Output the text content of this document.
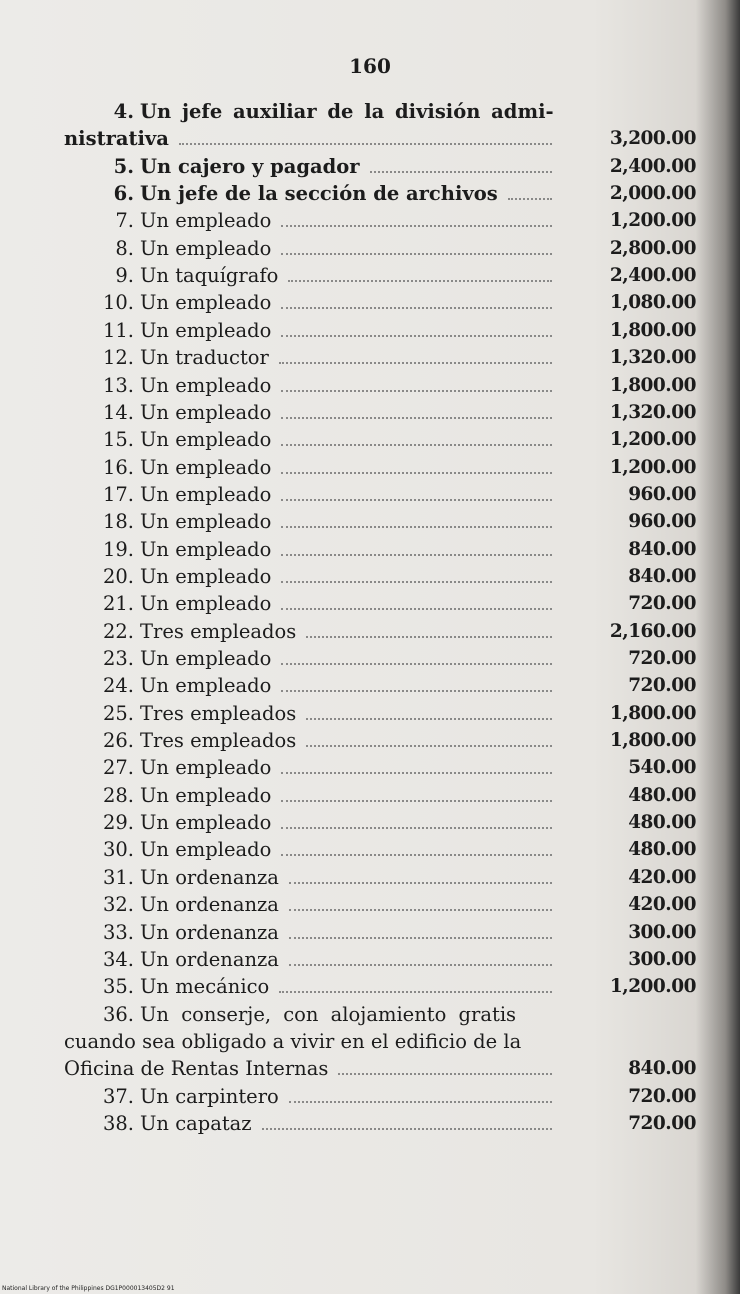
160
4. Un jefe auxiliar de la división admi-
nistrativa	3,200.00
5. Un cajero y pagador	2,400.00
6. Un jefe de la sección de archivos	2,000.00
7. Un empleado	1,200.00
8. Un empleado	2,800.00
9. Un taquígrafo	2,400.00
10. Un empleado	1,080.00
11. Un empleado	1,800.00
12. Un traductor	1,320.00
13. Un empleado	1,800.00
14. Un empleado	1,320.00
15. Un empleado	1,200.00
16. Un empleado	1,200.00
17. Un empleado	960.00
18. Un empleado	960.00
19. Un empleado	840.00
20. Un empleado	840.00
21. Un empleado	720.00
22. Tres empleados	2,160.00
23. Un empleado	720.00
24. Un empleado	720.00
25. Tres empleados	1,800.00
26. Tres empleados	1,800.00
27. Un empleado	540.00
28. Un empleado	480.00
29. Un empleado	480.00
30. Un empleado	480.00
31. Un ordenanza	420.00
32. Un ordenanza	420.00
33. Un ordenanza	300.00
34. Un ordenanza	300.00
35. Un mecánico	1,200.00
36. Un conserje, con alojamiento gratis
cuando sea obligado a vivir en el edificio de la
Oficina de Rentas Internas	840.00
37. Un carpintero	720.00
38. Un capataz	720.00
National Library of the Philippines DG1P000013405D2 91
